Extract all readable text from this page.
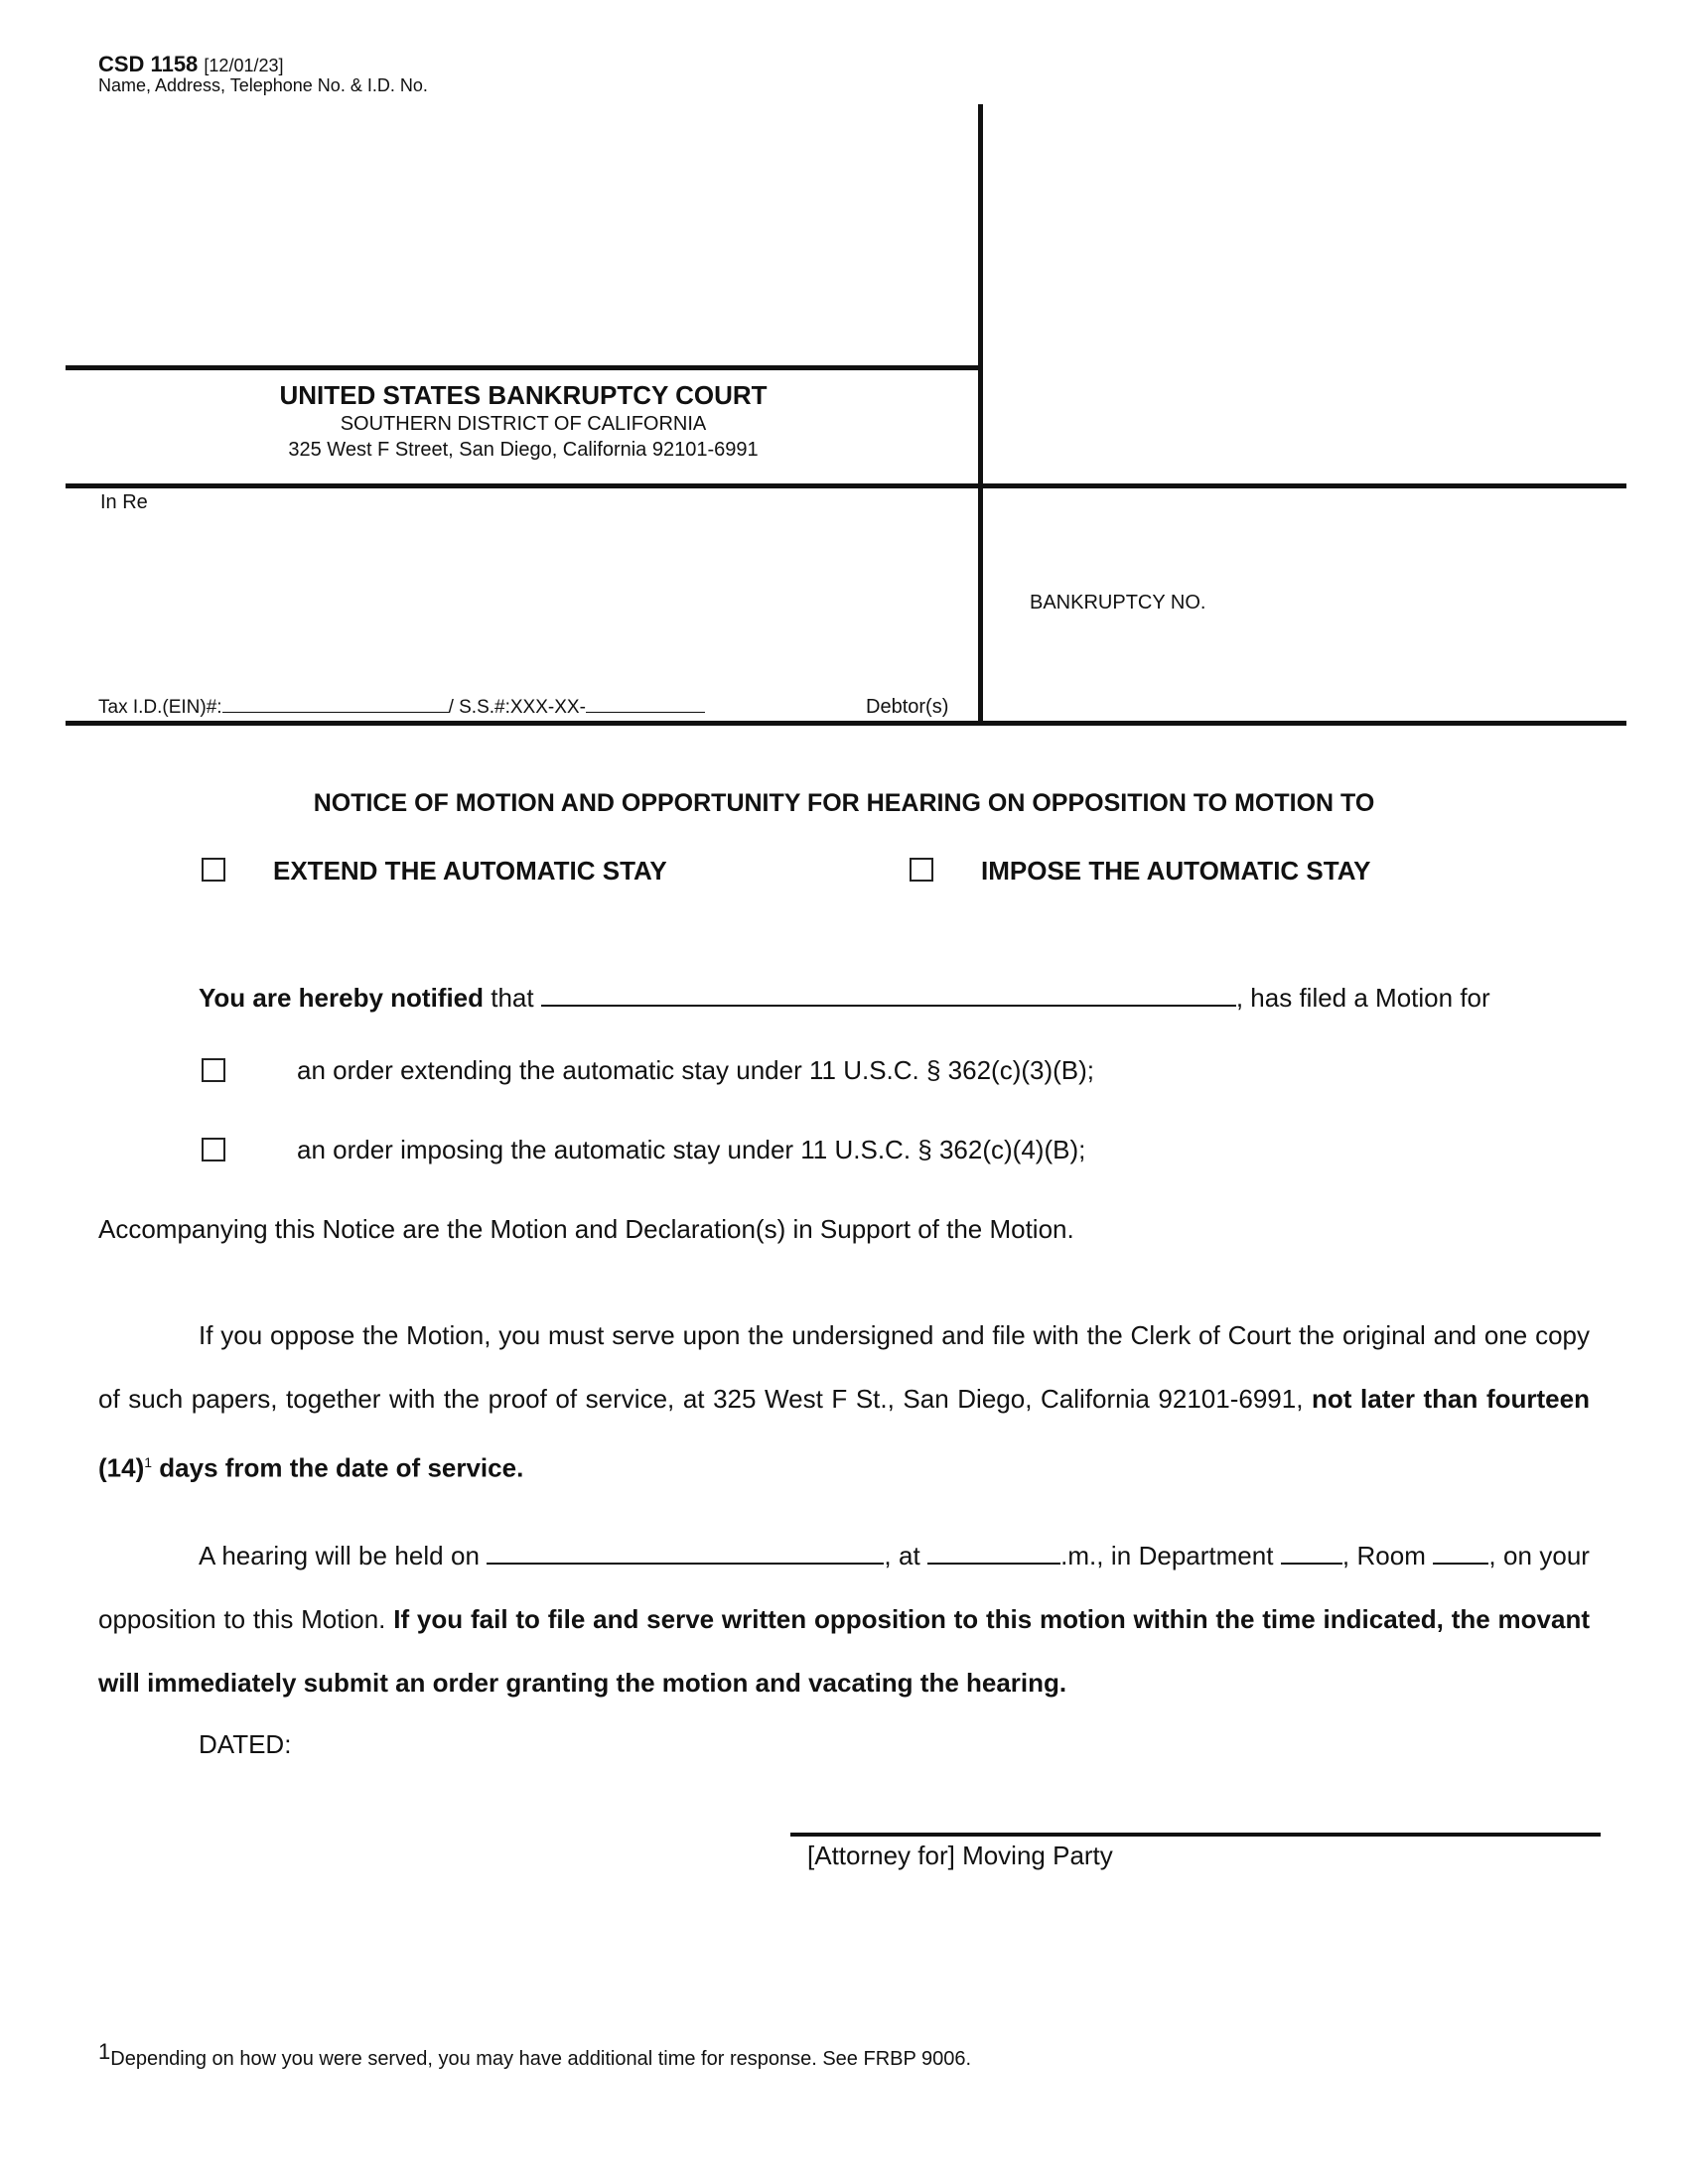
CSD 1158 [12/01/23]
Name, Address, Telephone No. & I.D. No.
UNITED STATES BANKRUPTCY COURT
SOUTHERN DISTRICT OF CALIFORNIA
325 West F Street, San Diego, California 92101-6991
In Re
BANKRUPTCY NO.
Tax I.D.(EIN)#:	/ S.S.#:XXX-XX-	Debtor(s)
NOTICE OF MOTION AND OPPORTUNITY FOR HEARING ON OPPOSITION TO MOTION TO
EXTEND THE AUTOMATIC STAY	IMPOSE THE AUTOMATIC STAY
You are hereby notified that	, has filed a Motion for
an order extending the automatic stay under 11 U.S.C. § 362(c)(3)(B);
an order imposing the automatic stay under 11 U.S.C. § 362(c)(4)(B);
Accompanying this Notice are the Motion and Declaration(s) in Support of the Motion.
If you oppose the Motion, you must serve upon the undersigned and file with the Clerk of Court the original and one copy of such papers, together with the proof of service, at 325 West F St., San Diego, California 92101-6991, not later than fourteen $(14)^1$ days from the date of service.
A hearing will be held on	, at	.m., in Department	, Room , on your opposition to this Motion. If you fail to file and serve written opposition to this motion within the time indicated, the movant will immediately submit an order granting the motion and vacating the hearing.
DATED:
[Attorney for] Moving Party
1Depending on how you were served, you may have additional time for response. See FRBP 9006.
